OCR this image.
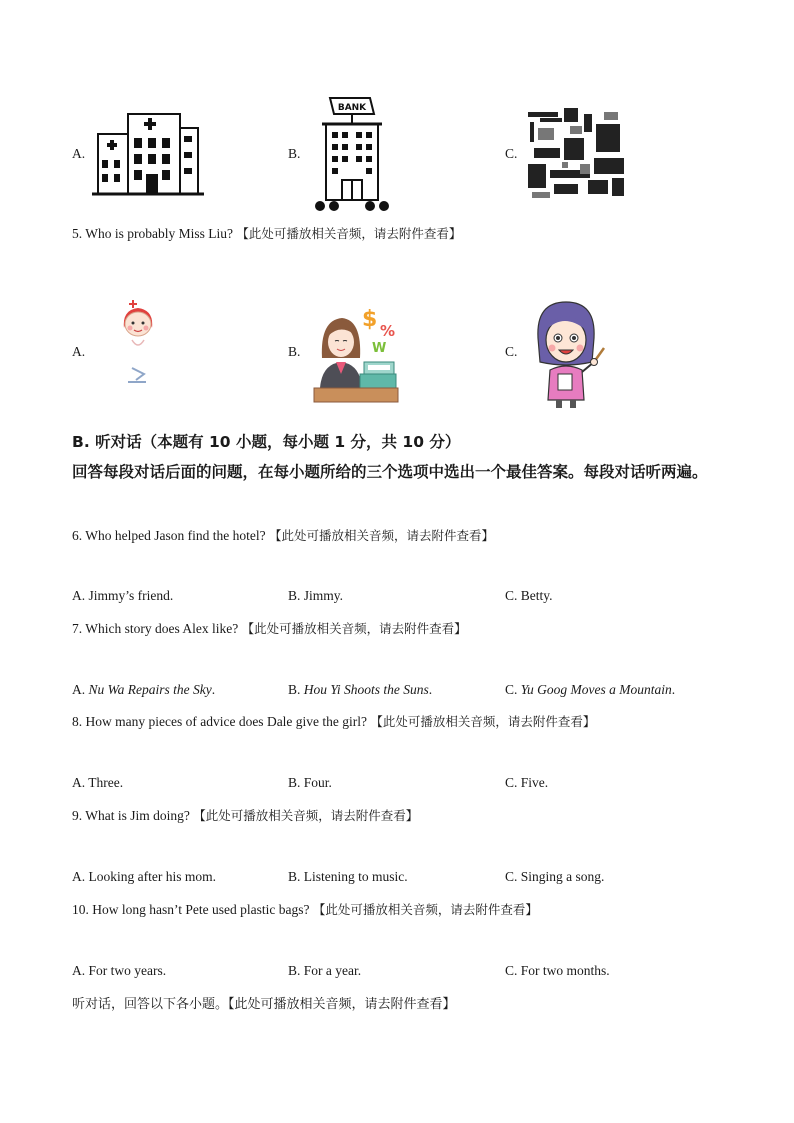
A.	B.
BANK
C.
5. Who is probably Miss Liu? 【此处可播放相关音频，请去附件查看】
A.	B.
$ %
W	C.
B. 听对话（本题有 10 小题，每小题 1 分，共 10 分）
回答每段对话后面的问题，在每小题所给的三个选项中选出一个最佳答案。每段对话听两遍。
6. Who helped Jason find the hotel? 【此处可播放相关音频，请去附件查看】
A. Jimmy’s friend.	B. Jimmy.	C. Betty.
7. Which story does Alex like? 【此处可播放相关音频，请去附件查看】
A. Nu Wa Repairs the Sky.	B. Hou Yi Shoots the Suns.	C. Yu Goog Moves a Mountain.
8. How many pieces of advice does Dale give the girl? 【此处可播放相关音频，请去附件查看】
A. Three.	B. Four.	C. Five.
9. What is Jim doing? 【此处可播放相关音频，请去附件查看】
A. Looking after his mom.	B. Listening to music.	C. Singing a song.
10. How long hasn’t Pete used plastic bags? 【此处可播放相关音频，请去附件查看】
A. For two years.	B. For a year.	C. For two months.
听对话，回答以下各小题。【此处可播放相关音频，请去附件查看】
